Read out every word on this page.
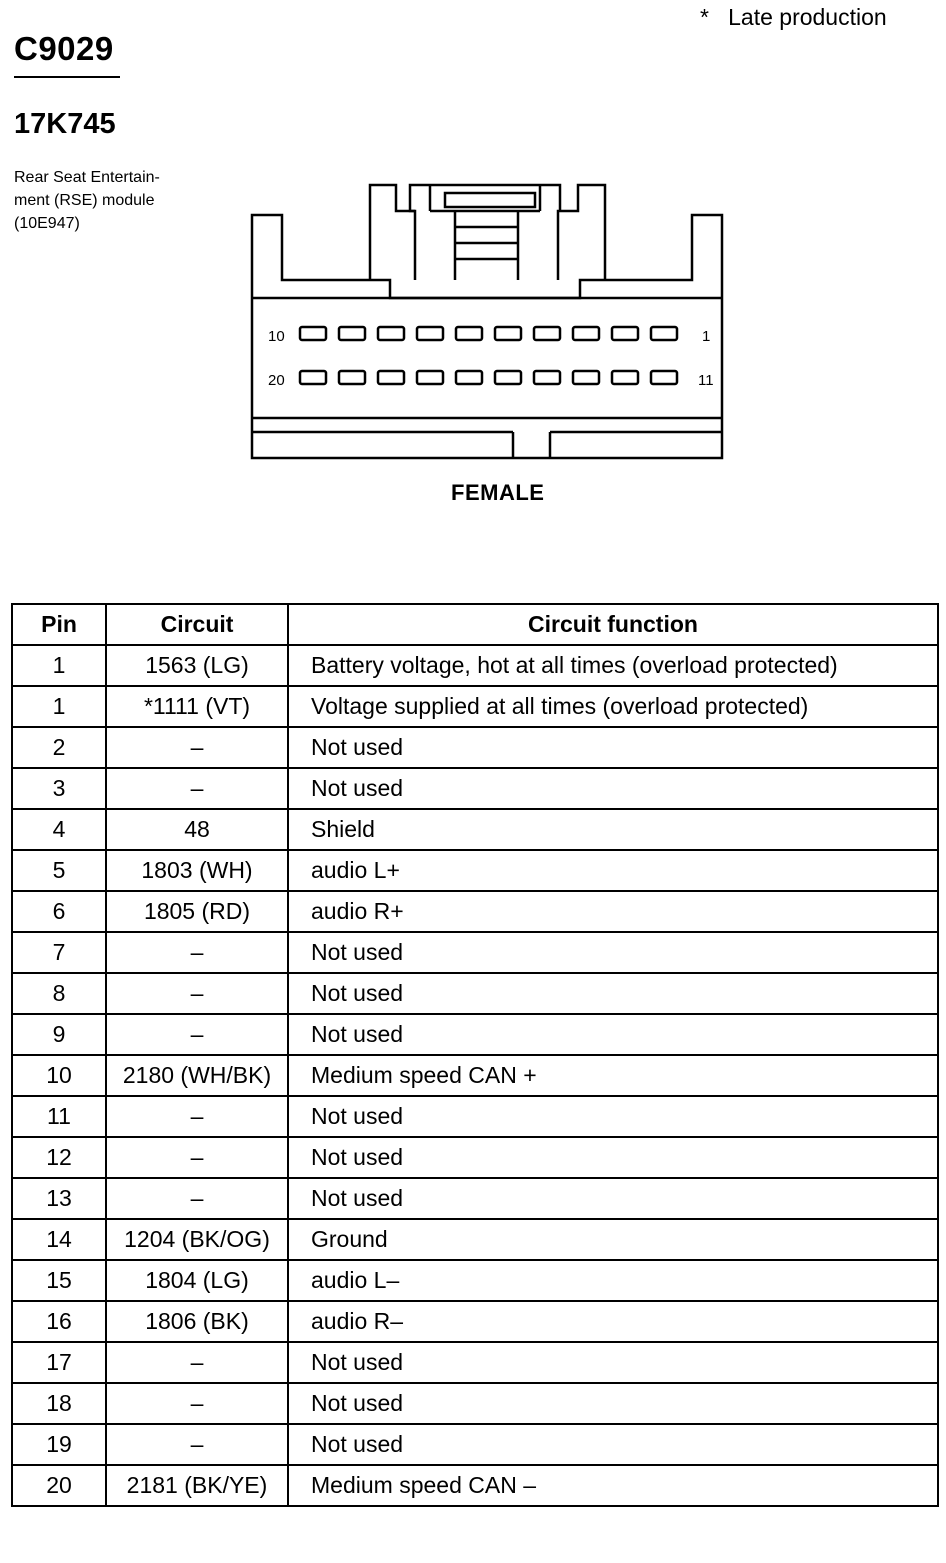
*   Late production
C9029
17K745
Rear Seat Entertain-
ment (RSE) module
(10E947)
10	1
20	11
FEMALE
Pin	Circuit	Circuit function
1	1563 (LG)	Battery voltage, hot at all times (overload protected)
1	*1111 (VT)	Voltage supplied at all times (overload protected)
2	–	Not used
3	–	Not used
4	48	Shield
5	1803 (WH)	audio L+
6	1805 (RD)	audio R+
7	–	Not used
8	–	Not used
9	–	Not used
10	2180 (WH/BK)	Medium speed CAN +
11	–	Not used
12	–	Not used
13	–	Not used
14	1204 (BK/OG)	Ground
15	1804 (LG)	audio L–
16	1806 (BK)	audio R–
17	–	Not used
18	–	Not used
19	–	Not used
20	2181 (BK/YE)	Medium speed CAN –
